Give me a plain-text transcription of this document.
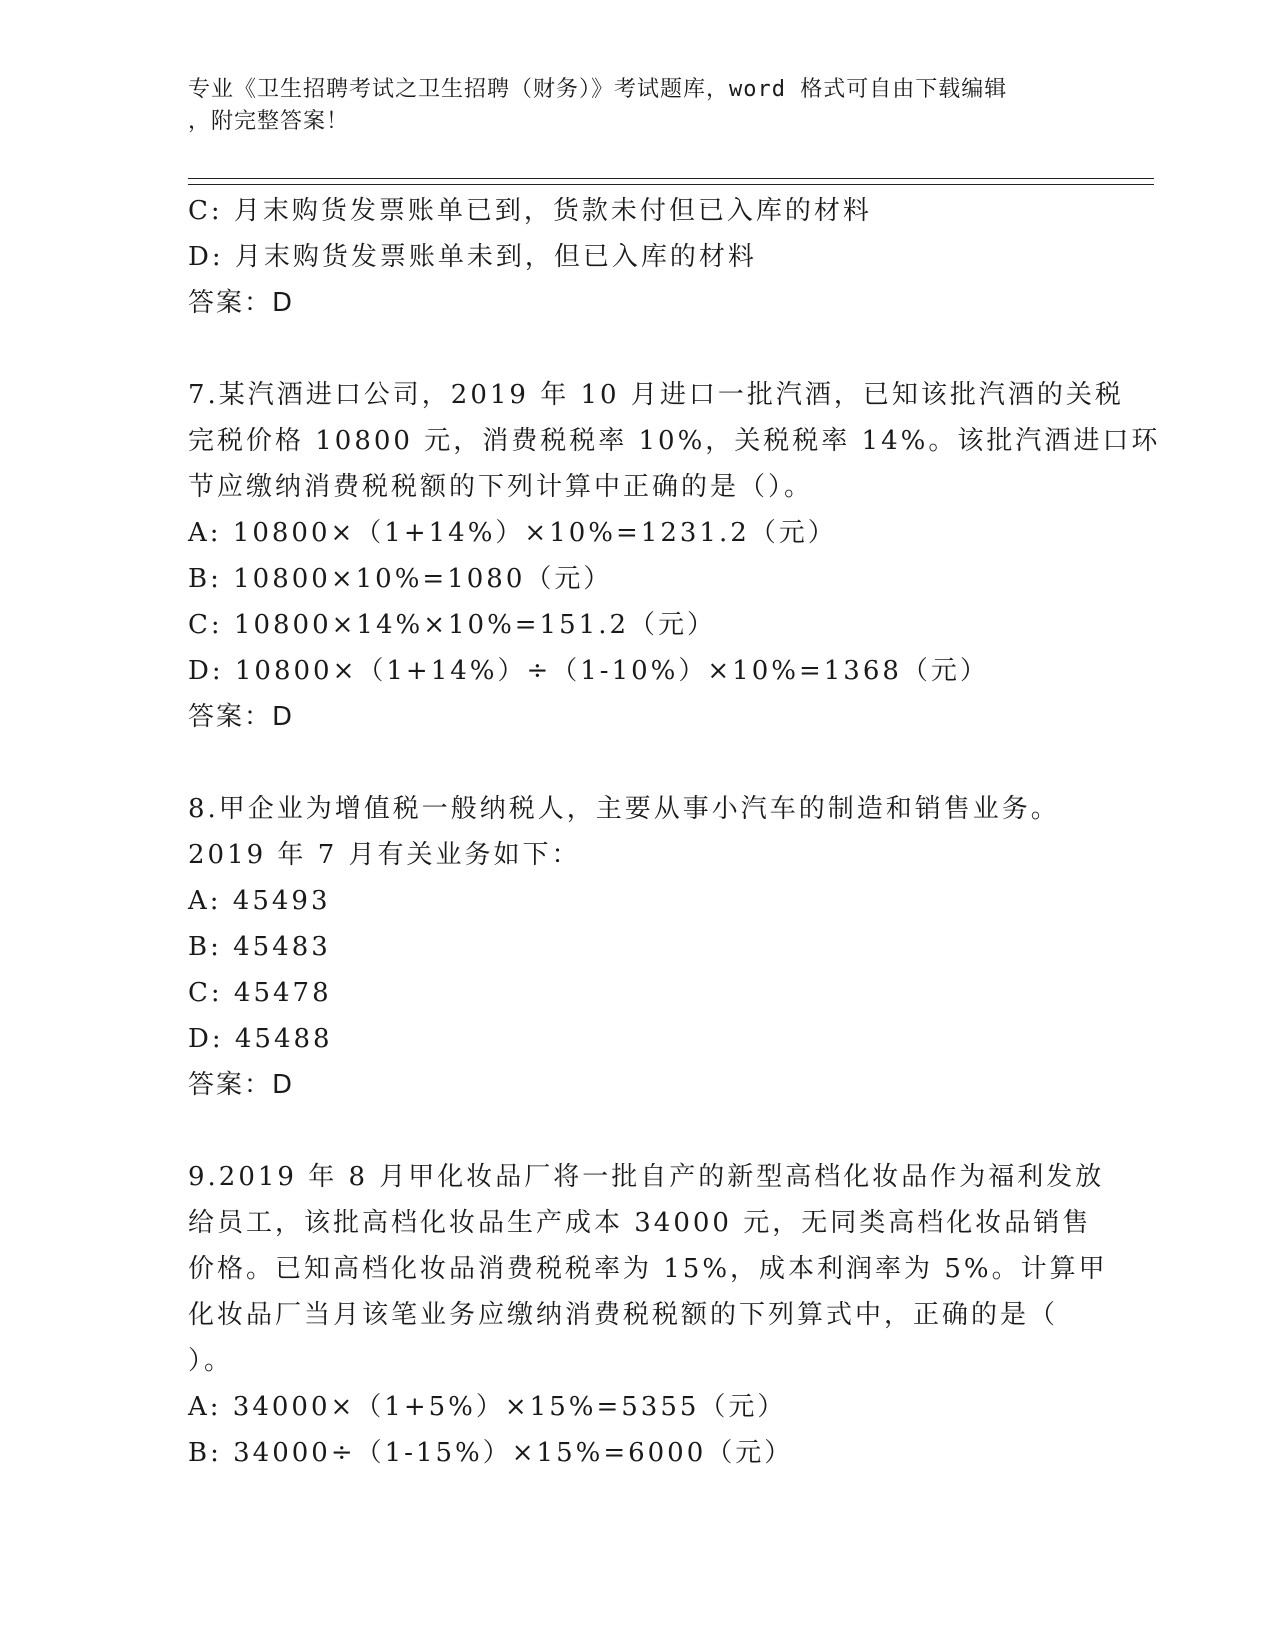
专业《卫生招聘考试之卫生招聘（财务）》考试题库，word 格式可自由下载编辑
，附完整答案！
C: 月末购货发票账单已到，货款未付但已入库的材料
D: 月末购货发票账单未到，但已入库的材料
答案：D
7.某汽酒进口公司，2019 年 10 月进口一批汽酒，已知该批汽酒的关税
完税价格 10800 元，消费税税率 10%，关税税率 14%。该批汽酒进口环
节应缴纳消费税税额的下列计算中正确的是（）。
A: 10800×（1+14%）×10%=1231.2（元）
B: 10800×10%=1080（元）
C: 10800×14%×10%=151.2（元）
D: 10800×（1+14%）÷（1-10%）×10%=1368（元）
答案：D
8.甲企业为增值税一般纳税人，主要从事小汽车的制造和销售业务。
2019 年 7 月有关业务如下：
A: 45493
B: 45483
C: 45478
D: 45488
答案：D
9.2019 年 8 月甲化妆品厂将一批自产的新型高档化妆品作为福利发放
给员工，该批高档化妆品生产成本 34000 元，无同类高档化妆品销售
价格。已知高档化妆品消费税税率为 15%，成本利润率为 5%。计算甲
化妆品厂当月该笔业务应缴纳消费税税额的下列算式中，正确的是（
）。
A: 34000×（1+5%）×15%=5355（元）
B: 34000÷（1-15%）×15%=6000（元）
